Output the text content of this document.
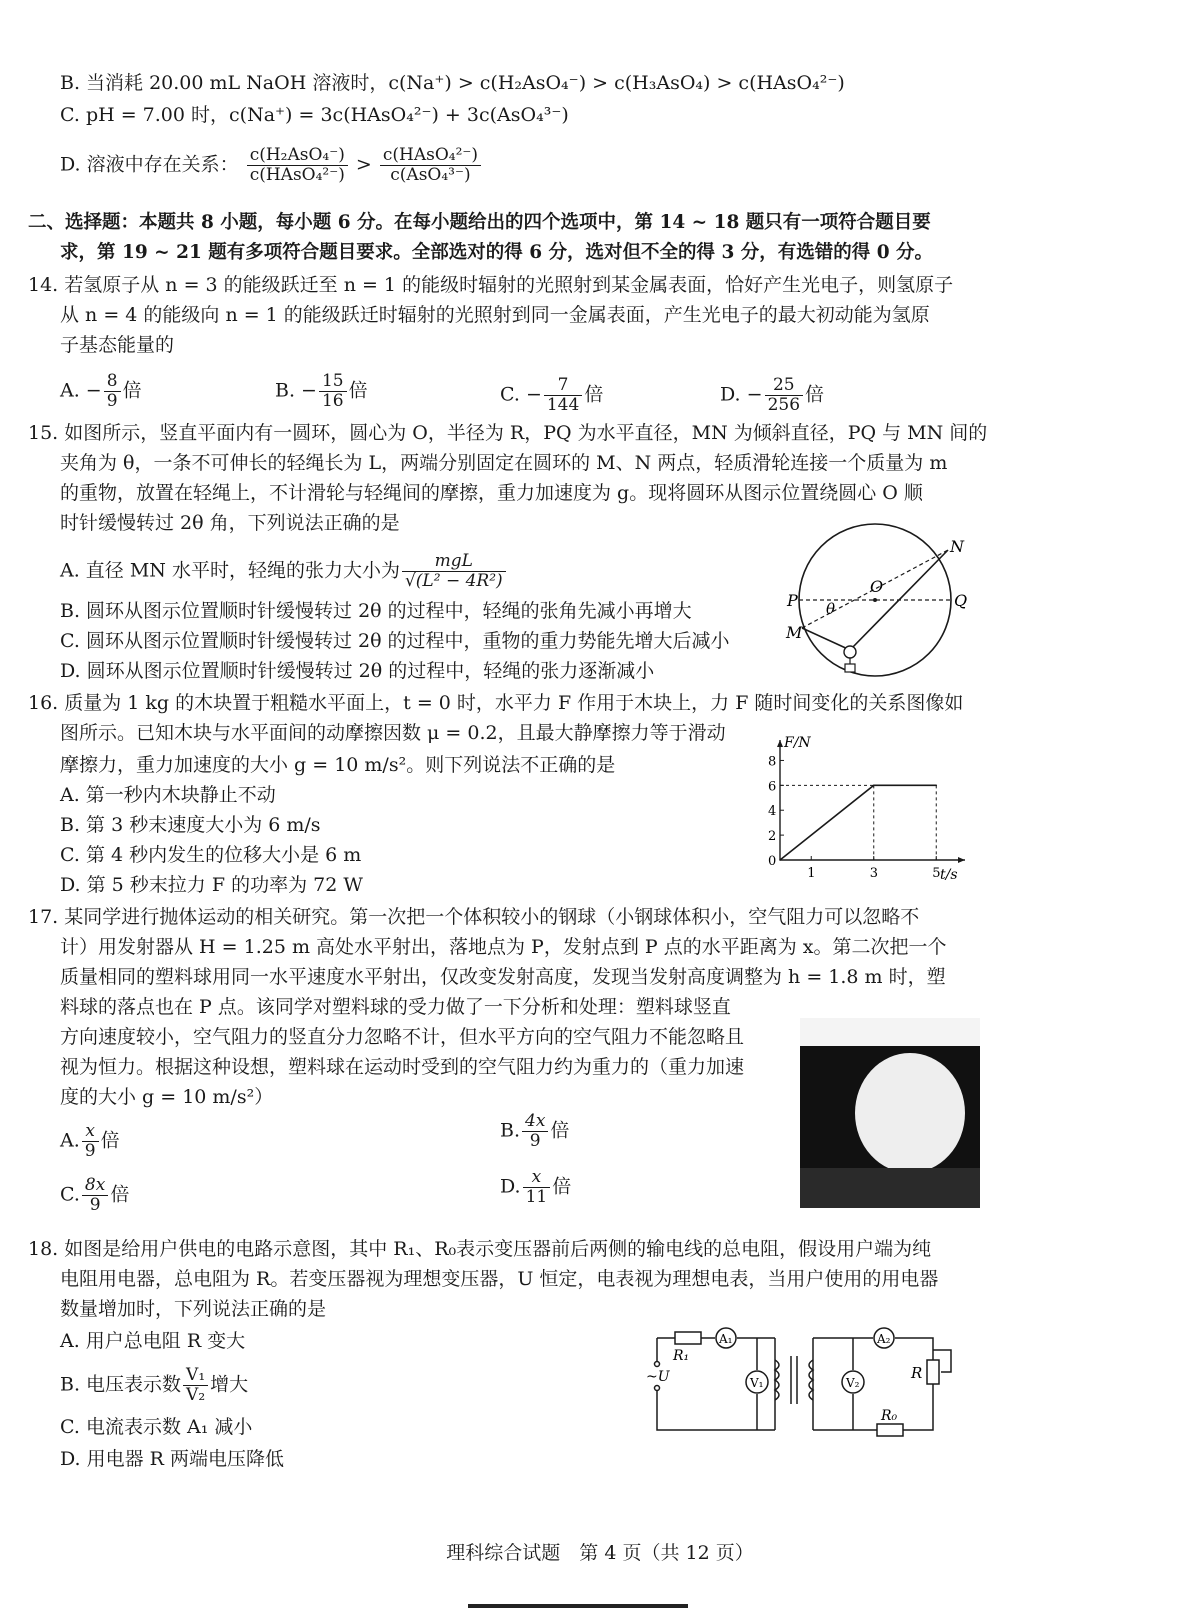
B. 当消耗 20.00 mL NaOH 溶液时，c(Na⁺) > c(H₂AsO₄⁻) > c(H₃AsO₄) > c(HAsO₄²⁻)
C. pH = 7.00 时，c(Na⁺) = 3c(HAsO₄²⁻) + 3c(AsO₄³⁻)
D. 溶液中存在关系： $\frac{\text{c(H₂AsO₄⁻)}}{\text{c(HAsO₄²⁻)}} > \frac{\text{c(HAsO₄²⁻)}}{\text{c(AsO₄³⁻)}}$
二、选择题：本题共 8 小题，每小题 6 分。在每小题给出的四个选项中，第 14 ~ 18 题只有一项符合题目要
求，第 19 ~ 21 题有多项符合题目要求。全部选对的得 6 分，选对但不全的得 3 分，有选错的得 0 分。
14. 若氢原子从 n = 3 的能级跃迁至 n = 1 的能级时辐射的光照射到某金属表面，恰好产生光电子，则氢原子
从 n = 4 的能级向 n = 1 的能级跃迁时辐射的光照射到同一金属表面，产生光电子的最大初动能为氢原
子基态能量的
A. − $\frac{8}{9}$ 倍	B. − $\frac{15}{16}$ 倍	C. − $\frac{7}{144}$ 倍	D. − $\frac{25}{256}$ 倍
15. 如图所示，竖直平面内有一圆环，圆心为 O，半径为 R，PQ 为水平直径，MN 为倾斜直径，PQ 与 MN 间的
夹角为 θ，一条不可伸长的轻绳长为 L，两端分别固定在圆环的 M、N 两点，轻质滑轮连接一个质量为 m
的重物，放置在轻绳上，不计滑轮与轻绳间的摩擦，重力加速度为 g。现将圆环从图示位置绕圆心 O 顺
时针缓慢转过 2θ 角，下列说法正确的是
A. 直径 MN 水平时，轻绳的张力大小为 $\frac{\text{mgL}}{\text{√(L² − 4R²)}}$
B. 圆环从图示位置顺时针缓慢转过 2θ 的过程中，轻绳的张角先减小再增大
C. 圆环从图示位置顺时针缓慢转过 2θ 的过程中，重物的重力势能先增大后减小
D. 圆环从图示位置顺时针缓慢转过 2θ 的过程中，轻绳的张力逐渐减小
O
N
P	Q
M
θ
16. 质量为 1 kg 的木块置于粗糙水平面上，t = 0 时，水平力 F 作用于木块上，力 F 随时间变化的关系图像如
图所示。已知木块与水平面间的动摩擦因数 μ = 0.2，且最大静摩擦力等于滑动
摩擦力，重力加速度的大小 g = 10 m/s²。则下列说法不正确的是
A. 第一秒内木块静止不动
B. 第 3 秒末速度大小为 6 m/s
C. 第 4 秒内发生的位移大小是 6 m
D. 第 5 秒末拉力 F 的功率为 72 W
0
2
4
6
8
1	3	5
F/N
t/s
17. 某同学进行抛体运动的相关研究。第一次把一个体积较小的钢球（小钢球体积小，空气阻力可以忽略不
计）用发射器从 H = 1.25 m 高处水平射出，落地点为 P，发射点到 P 点的水平距离为 x。第二次把一个
质量相同的塑料球用同一水平速度水平射出，仅改变发射高度，发现当发射高度调整为 h = 1.8 m 时，塑
料球的落点也在 P 点。该同学对塑料球的受力做了一下分析和处理：塑料球竖直
方向速度较小，空气阻力的竖直分力忽略不计，但水平方向的空气阻力不能忽略且
视为恒力。根据这种设想，塑料球在运动时受到的空气阻力约为重力的（重力加速
度的大小 g = 10 m/s²）
A. $\frac{x}{9}$ 倍	B. $\frac{4x}{9}$ 倍
C. $\frac{8x}{9}$ 倍	D. $\frac{x}{11}$ 倍
18. 如图是给用户供电的电路示意图，其中 R₁、R₀表示变压器前后两侧的输电线的总电阻，假设用户端为纯
电阻用电器，总电阻为 R。若变压器视为理想变压器，U 恒定，电表视为理想电表，当用户使用的用电器
数量增加时，下列说法正确的是
A. 用户总电阻 R 变大
B. 电压表示数 $\frac{\text{V₁}}{\text{V₂}}$ 增大
C. 电流表示数 A₁ 减小
D. 用电器 R 两端电压降低
R₁
A₁
V₁
~U
A₂
V₂
R
R₀
理科综合试题　第 4 页（共 12 页）
